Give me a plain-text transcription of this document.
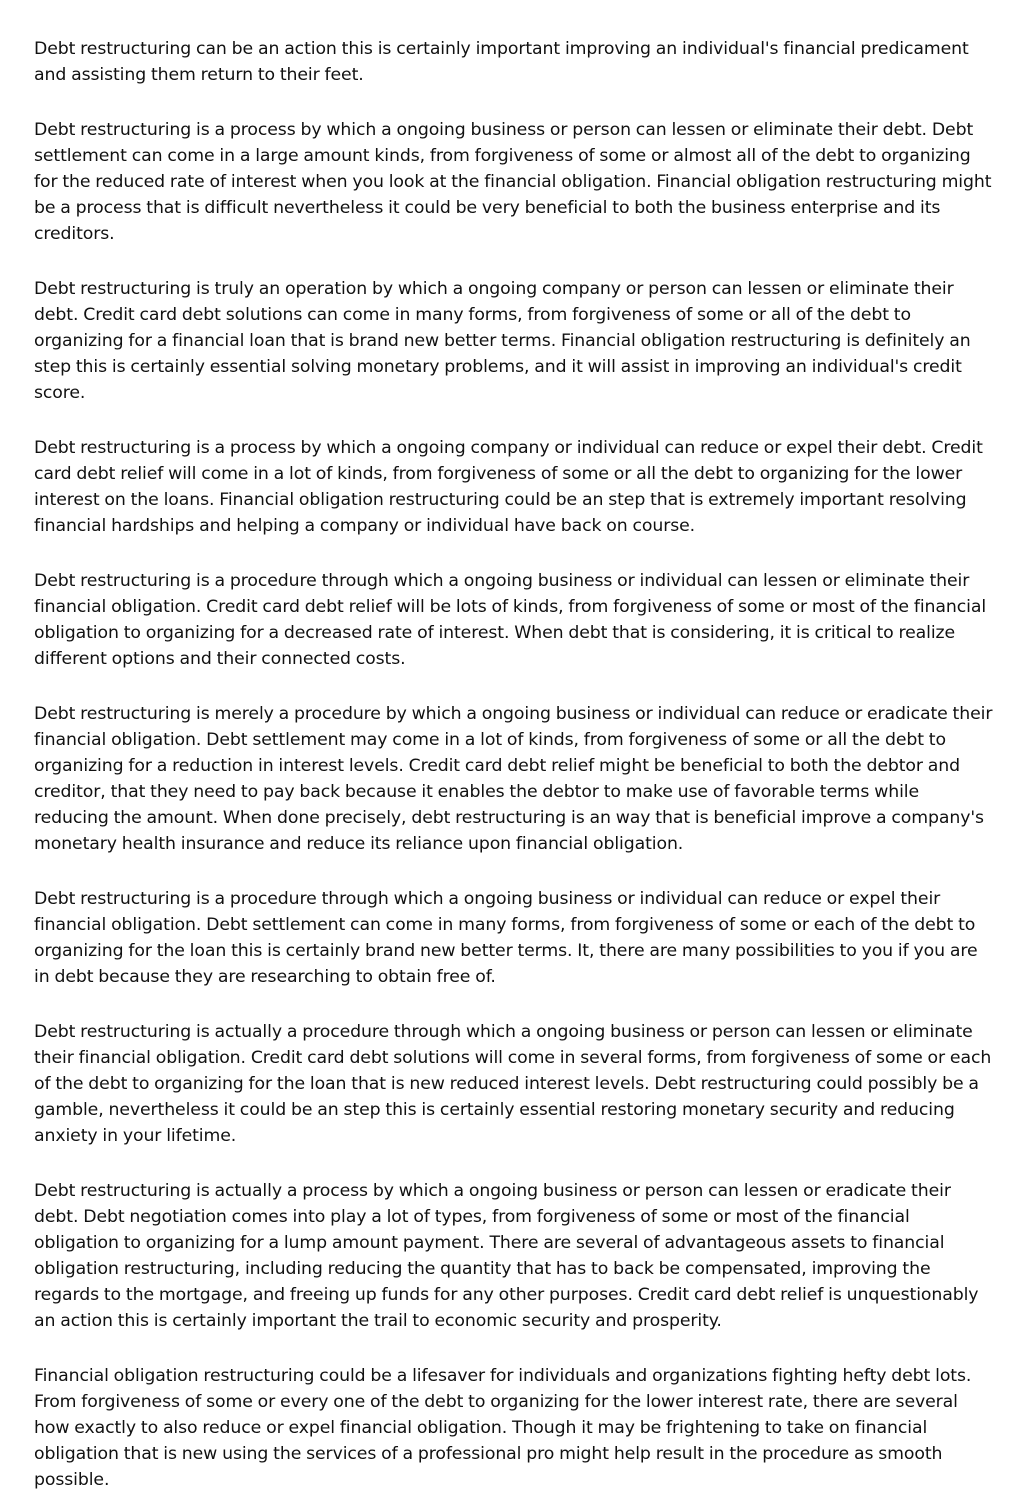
Debt restructuring can be an action this is certainly important improving an individual's financial predicament and assisting them return to their feet.

Debt restructuring is a process by which a ongoing business or person can lessen or eliminate their debt. Debt settlement can come in a large amount kinds, from forgiveness of some or almost all of the debt to organizing for the reduced rate of interest when you look at the financial obligation. Financial obligation restructuring might be a process that is difficult nevertheless it could be very beneficial to both the business enterprise and its creditors.

Debt restructuring is truly an operation by which a ongoing company or person can lessen or eliminate their debt. Credit card debt solutions can come in many forms, from forgiveness of some or all of the debt to organizing for a financial loan that is brand new better terms. Financial obligation restructuring is definitely an step this is certainly essential solving monetary problems, and it will assist in improving an individual's credit score.

Debt restructuring is a process by which a ongoing company or individual can reduce or expel their debt. Credit card debt relief will come in a lot of kinds, from forgiveness of some or all the debt to organizing for the lower interest on the loans. Financial obligation restructuring could be an step that is extremely important resolving financial hardships and helping a company or individual have back on course.

Debt restructuring is a procedure through which a ongoing business or individual can lessen or eliminate their financial obligation. Credit card debt relief will be lots of kinds, from forgiveness of some or most of the financial obligation to organizing for a decreased rate of interest. When debt that is considering, it is critical to realize different options and their connected costs.

Debt restructuring is merely a procedure by which a ongoing business or individual can reduce or eradicate their financial obligation. Debt settlement may come in a lot of kinds, from forgiveness of some or all the debt to organizing for a reduction in interest levels. Credit card debt relief might be beneficial to both the debtor and creditor, that they need to pay back because it enables the debtor to make use of favorable terms while reducing the amount. When done precisely, debt restructuring is an way that is beneficial improve a company's monetary health insurance and reduce its reliance upon financial obligation.

Debt restructuring is a procedure through which a ongoing business or individual can reduce or expel their financial obligation. Debt settlement can come in many forms, from forgiveness of some or each of the debt to organizing for the loan this is certainly brand new better terms. It, there are many possibilities to you if you are in debt because they are researching to obtain free of.

Debt restructuring is actually a procedure through which a ongoing business or person can lessen or eliminate their financial obligation. Credit card debt solutions will come in several forms, from forgiveness of some or each of the debt to organizing for the loan that is new reduced interest levels. Debt restructuring could possibly be a gamble, nevertheless it could be an step this is certainly essential restoring monetary security and reducing anxiety in your lifetime.

Debt restructuring is actually a process by which a ongoing business or person can lessen or eradicate their debt. Debt negotiation comes into play a lot of types, from forgiveness of some or most of the financial obligation to organizing for a lump amount payment. There are several of advantageous assets to financial obligation restructuring, including reducing the quantity that has to back be compensated, improving the regards to the mortgage, and freeing up funds for any other purposes. Credit card debt relief is unquestionably an action this is certainly important the trail to economic security and prosperity.

Financial obligation restructuring could be a lifesaver for individuals and organizations fighting hefty debt lots. From forgiveness of some or every one of the debt to organizing for the lower interest rate, there are several how exactly to also reduce or expel financial obligation. Though it may be frightening to take on financial obligation that is new using the services of a professional pro might help result in the procedure as smooth possible.
